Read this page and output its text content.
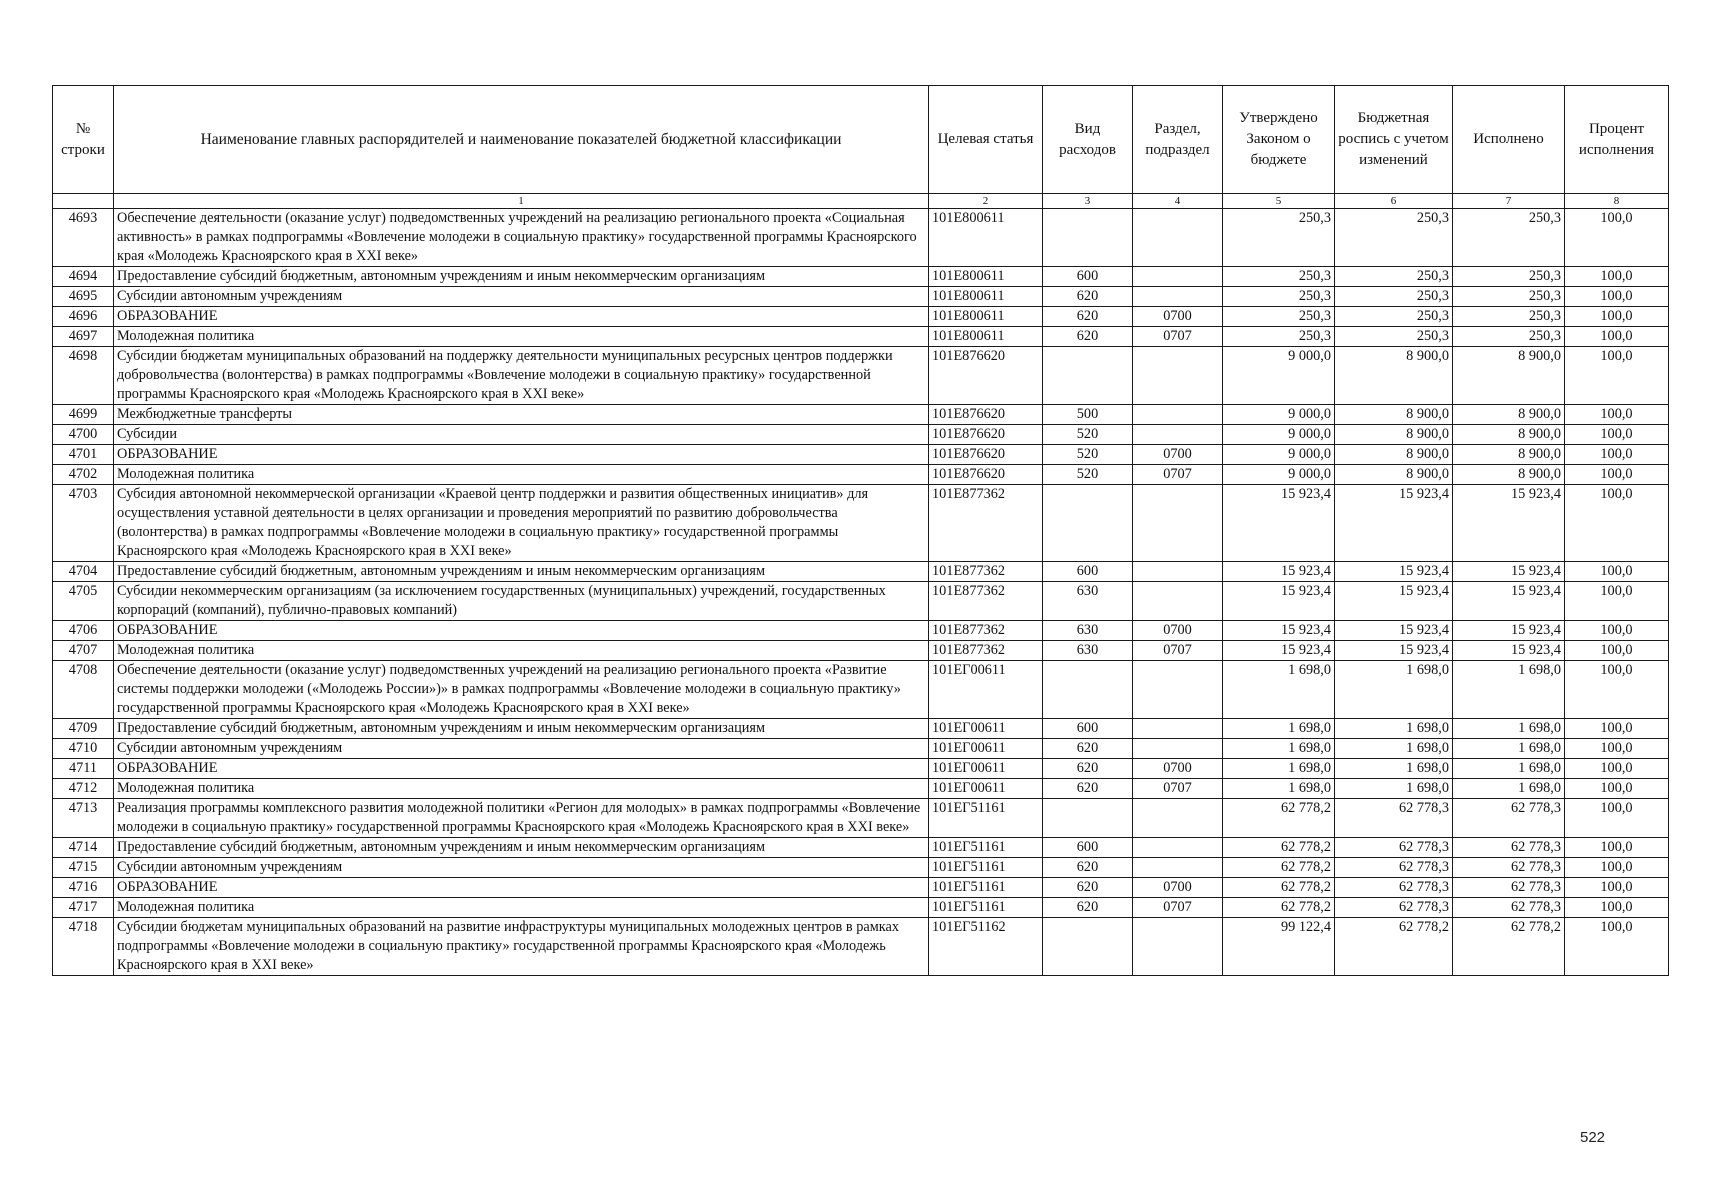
№ строки	Наименование главных распорядителей и наименование показателей бюджетной классификации	Целевая статья	Вид расходов	Раздел, подраздел	Утверждено Законом о бюджете	Бюджетная роспись с учетом изменений	Исполнено	Процент исполнения
	1	2	3	4	5	6	7	8
4693	Обеспечение деятельности (оказание услуг) подведомственных учреждений на реализацию регионального проекта «Социальная активность» в рамках подпрограммы «Вовлечение молодежи в социальную практику» государственной программы Красноярского края «Молодежь Красноярского края в XXI веке»	101Е800611			250,3	250,3	250,3	100,0
4694	Предоставление субсидий бюджетным, автономным учреждениям и иным некоммерческим организациям	101Е800611	600		250,3	250,3	250,3	100,0
4695	Субсидии автономным учреждениям	101Е800611	620		250,3	250,3	250,3	100,0
4696	ОБРАЗОВАНИЕ	101Е800611	620	0700	250,3	250,3	250,3	100,0
4697	Молодежная политика	101Е800611	620	0707	250,3	250,3	250,3	100,0
4698	Субсидии бюджетам муниципальных образований на поддержку деятельности муниципальных ресурсных центров поддержки добровольчества (волонтерства) в рамках подпрограммы «Вовлечение молодежи в социальную практику» государственной программы Красноярского края «Молодежь Красноярского края в XXI веке»	101Е876620			9 000,0	8 900,0	8 900,0	100,0
4699	Межбюджетные трансферты	101Е876620	500		9 000,0	8 900,0	8 900,0	100,0
4700	Субсидии	101Е876620	520		9 000,0	8 900,0	8 900,0	100,0
4701	ОБРАЗОВАНИЕ	101Е876620	520	0700	9 000,0	8 900,0	8 900,0	100,0
4702	Молодежная политика	101Е876620	520	0707	9 000,0	8 900,0	8 900,0	100,0
4703	Субсидия автономной некоммерческой организации «Краевой центр поддержки и развития общественных инициатив» для осуществления уставной деятельности в целях организации и проведения мероприятий по развитию добровольчества (волонтерства) в рамках подпрограммы «Вовлечение молодежи в социальную практику» государственной программы Красноярского края «Молодежь Красноярского края в XXI веке»	101Е877362			15 923,4	15 923,4	15 923,4	100,0
4704	Предоставление субсидий бюджетным, автономным учреждениям и иным некоммерческим организациям	101Е877362	600		15 923,4	15 923,4	15 923,4	100,0
4705	Субсидии некоммерческим организациям (за исключением государственных (муниципальных) учреждений, государственных корпораций (компаний), публично-правовых компаний)	101Е877362	630		15 923,4	15 923,4	15 923,4	100,0
4706	ОБРАЗОВАНИЕ	101Е877362	630	0700	15 923,4	15 923,4	15 923,4	100,0
4707	Молодежная политика	101Е877362	630	0707	15 923,4	15 923,4	15 923,4	100,0
4708	Обеспечение деятельности (оказание услуг) подведомственных учреждений на реализацию регионального проекта «Развитие системы поддержки молодежи («Молодежь России»)» в рамках подпрограммы «Вовлечение молодежи в социальную практику» государственной программы Красноярского края «Молодежь Красноярского края в XXI веке»	101ЕГ00611			1 698,0	1 698,0	1 698,0	100,0
4709	Предоставление субсидий бюджетным, автономным учреждениям и иным некоммерческим организациям	101ЕГ00611	600		1 698,0	1 698,0	1 698,0	100,0
4710	Субсидии автономным учреждениям	101ЕГ00611	620		1 698,0	1 698,0	1 698,0	100,0
4711	ОБРАЗОВАНИЕ	101ЕГ00611	620	0700	1 698,0	1 698,0	1 698,0	100,0
4712	Молодежная политика	101ЕГ00611	620	0707	1 698,0	1 698,0	1 698,0	100,0
4713	Реализация программы комплексного развития молодежной политики «Регион для молодых» в рамках подпрограммы «Вовлечение молодежи в социальную практику» государственной программы Красноярского края «Молодежь Красноярского края в XXI веке»	101ЕГ51161			62 778,2	62 778,3	62 778,3	100,0
4714	Предоставление субсидий бюджетным, автономным учреждениям и иным некоммерческим организациям	101ЕГ51161	600		62 778,2	62 778,3	62 778,3	100,0
4715	Субсидии автономным учреждениям	101ЕГ51161	620		62 778,2	62 778,3	62 778,3	100,0
4716	ОБРАЗОВАНИЕ	101ЕГ51161	620	0700	62 778,2	62 778,3	62 778,3	100,0
4717	Молодежная политика	101ЕГ51161	620	0707	62 778,2	62 778,3	62 778,3	100,0
4718	Субсидии бюджетам муниципальных образований на развитие инфраструктуры муниципальных молодежных центров в рамках подпрограммы «Вовлечение молодежи в социальную практику» государственной программы Красноярского края «Молодежь Красноярского края в XXI веке»	101ЕГ51162			99 122,4	62 778,2	62 778,2	100,0
522
